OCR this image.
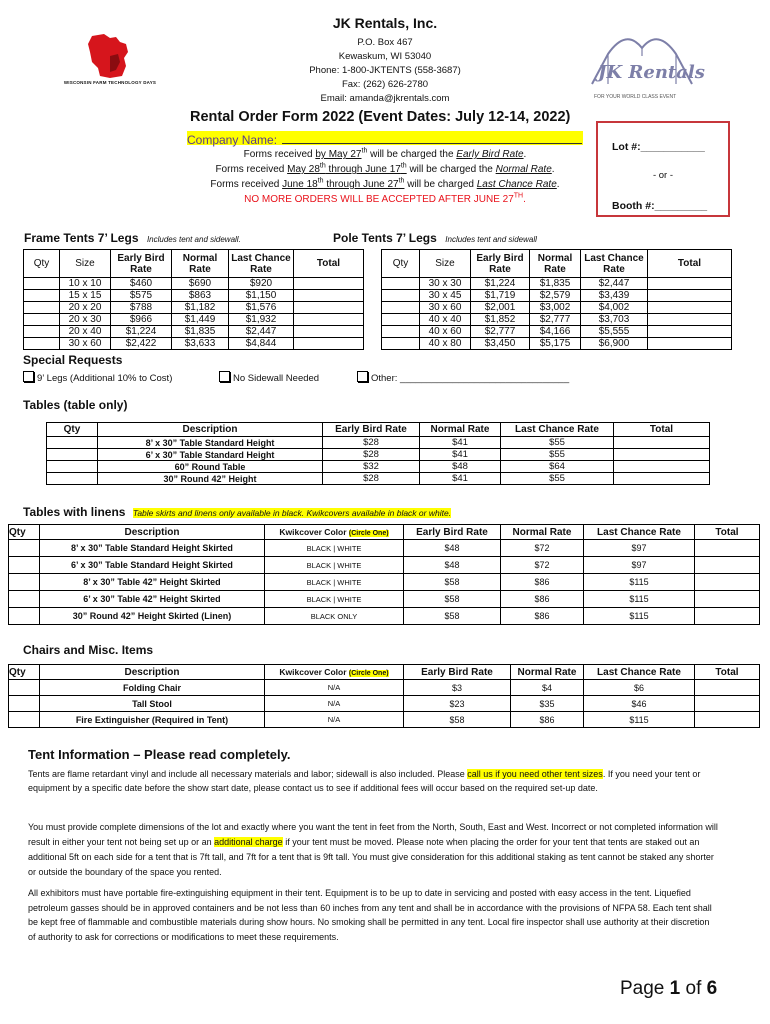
WISCONSIN FARM TECHNOLOGY DAYS
JK Rentals, Inc.
P.O. Box 467
Kewaskum, WI 53040
Phone: 1-800-JKTENTS (558-3687)
Fax: (262) 626-2780
Email: amanda@jkrentals.com
JK Rentals
FOR YOUR WORLD CLASS EVENT
Rental Order Form 2022 (Event Dates: July 12-14, 2022)
Company Name:
Forms received by May 27th will be charged the Early Bird Rate.
Forms received May 28th through June 17th will be charged the Normal Rate.
Forms received June 18th through June 27th will be charged Last Chance Rate.
NO MORE ORDERS WILL BE ACCEPTED AFTER JUNE 27TH.
Lot #:___________
- or -
Booth #:_________
Frame Tents 7’ Legs Includes tent and sidewall.	Pole Tents 7’ Legs Includes tent and sidewall
Qty	Size	Early Bird Rate	Normal Rate	Last Chance Rate	Total
	10 x 10	$460	$690	$920	
	15 x 15	$575	$863	$1,150	
	20 x 20	$788	$1,182	$1,576	
	20 x 30	$966	$1,449	$1,932	
	20 x 40	$1,224	$1,835	$2,447	
	30 x 60	$2,422	$3,633	$4,844	
Qty	Size	Early Bird Rate	Normal Rate	Last Chance Rate	Total
	30 x 30	$1,224	$1,835	$2,447	
	30 x 45	$1,719	$2,579	$3,439	
	30 x 60	$2,001	$3,002	$4,002	
	40 x 40	$1,852	$2,777	$3,703	
	40 x 60	$2,777	$4,166	$5,555	
	40 x 80	$3,450	$5,175	$6,900	
Special Requests
9’ Legs (Additional 10% to Cost)	No Sidewall Needed	Other: ________________________________
Tables (table only)
Qty	Description	Early Bird Rate	Normal Rate	Last Chance Rate	Total
	8’ x 30” Table Standard Height	$28	$41	$55	
	6’ x 30” Table Standard Height	$28	$41	$55	
	60” Round Table	$32	$48	$64	
	30” Round 42” Height	$28	$41	$55	
Tables with linens Table skirts and linens only available in black. Kwikcovers available in black or white.
Qty	Description	Kwikcover Color (Circle One)	Early Bird Rate	Normal Rate	Last Chance Rate	Total
	8’ x 30” Table Standard Height Skirted	BLACK | WHITE	$48	$72	$97	
	6’ x 30” Table Standard Height Skirted	BLACK | WHITE	$48	$72	$97	
	8’ x 30” Table 42” Height Skirted	BLACK | WHITE	$58	$86	$115	
	6’ x 30” Table 42” Height Skirted	BLACK | WHITE	$58	$86	$115	
	30” Round 42” Height Skirted (Linen)	BLACK ONLY	$58	$86	$115	
Chairs and Misc. Items
Qty	Description	Kwikcover Color (Circle One)	Early Bird Rate	Normal Rate	Last Chance Rate	Total
	Folding Chair	N/A	$3	$4	$6	
	Tall Stool	N/A	$23	$35	$46	
	Fire Extinguisher (Required in Tent)	N/A	$58	$86	$115	
Tent Information – Please read completely.
Tents are flame retardant vinyl and include all necessary materials and labor; sidewall is also included. Please call us if you need other tent sizes. If you need your tent or equipment by a specific date before the show start date, please contact us to see if additional fees will occur based on the required set-up date.
You must provide complete dimensions of the lot and exactly where you want the tent in feet from the North, South, East and West. Incorrect or not completed information will result in either your tent not being set up or an additional charge if your tent must be moved. Please note when placing the order for your tent that tents are staked out an additional 5ft on each side for a tent that is 7ft tall, and 7ft for a tent that is 9ft tall. You must give consideration for this additional staking as tent cannot be staked any shorter or outside the boundary of the space you rented.
All exhibitors must have portable fire-extinguishing equipment in their tent. Equipment is to be up to date in servicing and posted with easy access in the tent. Liquefied petroleum gasses should be in approved containers and be not less than 60 inches from any tent and shall be in accordance with the provisions of NFPA 58. Each tent shall be kept free of flammable and combustible materials during show hours. No smoking shall be permitted in any tent. Local fire inspector shall use authority at their discretion of authority to ask for corrections or modifications to meet these requirements.
Page 1 of 6
